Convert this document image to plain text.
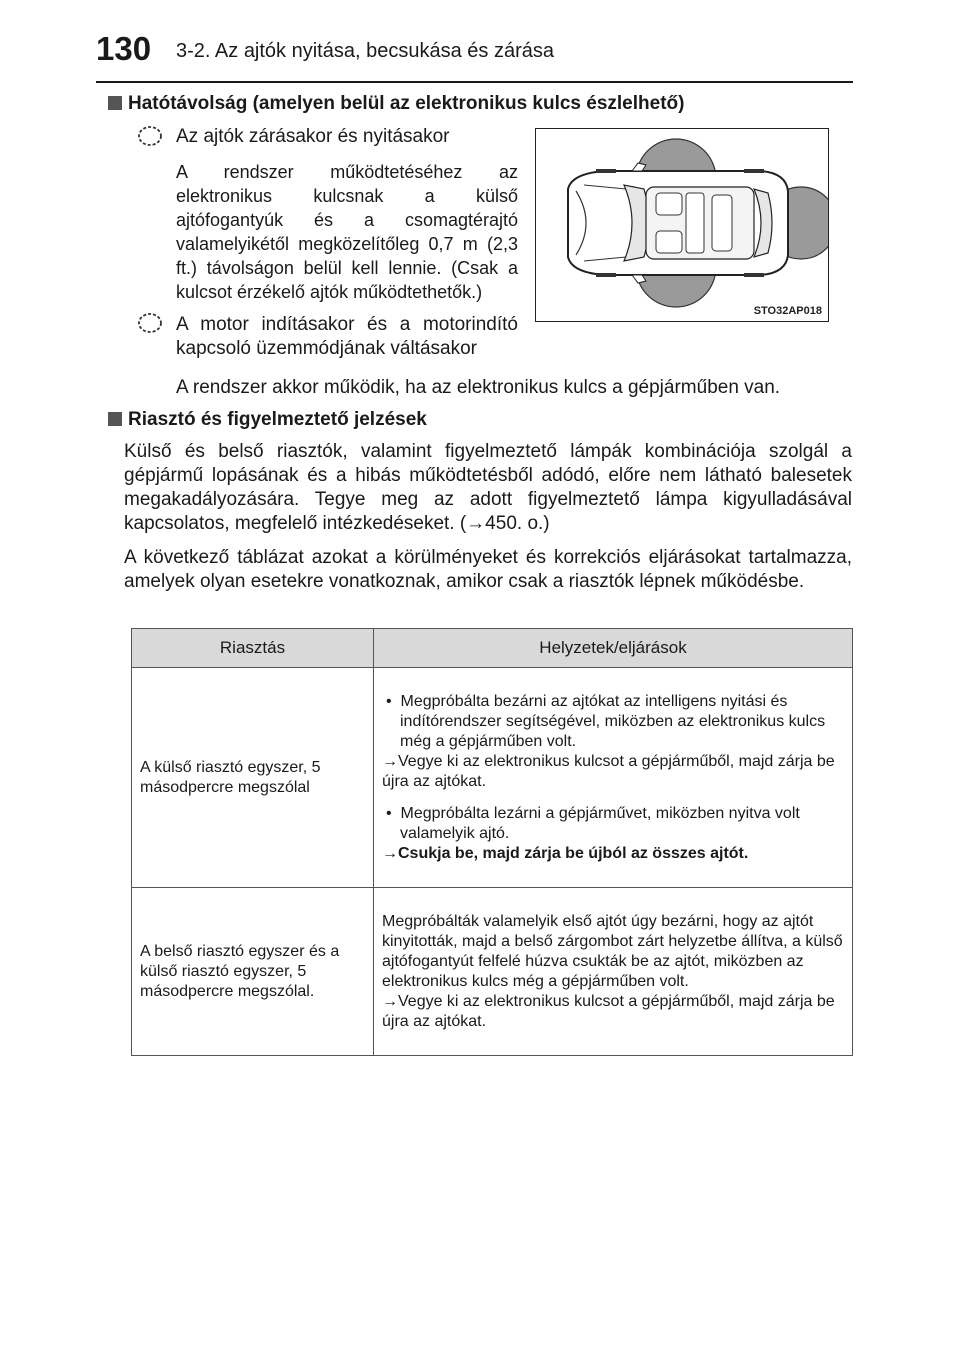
130 3-2. Az ajtók nyitása, becsukása és zárása
Hatótávolság (amelyen belül az elektronikus kulcs észlelhető)
Az ajtók zárásakor és nyitásakor
A rendszer működtetéséhez az elektronikus kulcsnak a külső ajtófogantyúk és a csomagtérajtó valamelyikétől megközelítőleg 0,7 m (2,3 ft.) távolságon belül kell lennie. (Csak a kulcsot érzékelő ajtók működtethetők.)
A motor indításakor és a motorindító kapcsoló üzemmódjának váltásakor
A rendszer akkor működik, ha az elektronikus kulcs a gépjárműben van.
STO32AP018
Riasztó és figyelmeztető jelzések
Külső és belső riasztók, valamint figyelmeztető lámpák kombinációja szolgál a gépjármű lopásának és a hibás működtetésből adódó, előre nem látható balesetek megakadályozására. Tegye meg az adott figyelmeztető lámpa kigyulladásával kapcsolatos, megfelelő intézkedéseket. (→450. o.)
A következő táblázat azokat a körülményeket és korrekciós eljárásokat tartalmazza, amelyek olyan esetekre vonatkoznak, amikor csak a riasztók lépnek működésbe.
Riasztás	Helyzetek/eljárások
A külső riasztó egyszer, 5 másodpercre megszólal	• Megpróbálta bezárni az ajtókat az intelligens nyitási és indítórendszer segítségével, miközben az elektronikus kulcs még a gépjárműben volt.
→Vegye ki az elektronikus kulcsot a gépjárműből, majd zárja be újra az ajtókat.
• Megpróbálta lezárni a gépjárművet, miközben nyitva volt valamelyik ajtó.
→Csukja be, majd zárja be újból az összes ajtót.

A belső riasztó egyszer és a külső riasztó egyszer, 5 másodpercre megszólal.	Megpróbálták valamelyik első ajtót úgy bezárni, hogy az ajtót kinyitották, majd a belső zárgombot zárt helyzetbe állítva, a külső ajtófogantyút felfelé húzva csukták be az ajtót, miközben az elektronikus kulcs még a gépjárműben volt.
→Vegye ki az elektronikus kulcsot a gépjárműből, majd zárja be újra az ajtókat.
